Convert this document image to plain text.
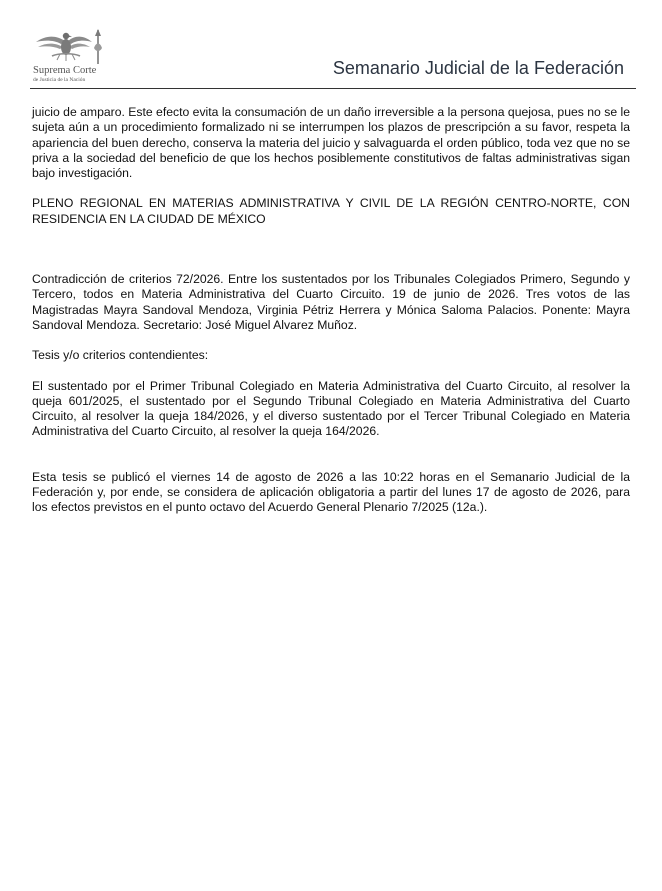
Suprema Corte
de Justicia de la Nación
Semanario Judicial de la Federación

juicio de amparo. Este efecto evita la consumación de un daño irreversible a la persona quejosa, pues no se le sujeta aún a un procedimiento formalizado ni se interrumpen los plazos de prescripción a su favor, respeta la apariencia del buen derecho, conserva la materia del juicio y salvaguarda el orden público, toda vez que no se priva a la sociedad del beneficio de que los hechos posiblemente constitutivos de faltas administrativas sigan bajo investigación.

PLENO REGIONAL EN MATERIAS ADMINISTRATIVA Y CIVIL DE LA REGIÓN CENTRO-NORTE, CON RESIDENCIA EN LA CIUDAD DE MÉXICO

Contradicción de criterios 72/2026. Entre los sustentados por los Tribunales Colegiados Primero, Segundo y Tercero, todos en Materia Administrativa del Cuarto Circuito. 19 de junio de 2026. Tres votos de las Magistradas Mayra Sandoval Mendoza, Virginia Pétriz Herrera y Mónica Saloma Palacios. Ponente: Mayra Sandoval Mendoza. Secretario: José Miguel Alvarez Muñoz.

Tesis y/o criterios contendientes:

El sustentado por el Primer Tribunal Colegiado en Materia Administrativa del Cuarto Circuito, al resolver la queja 601/2025, el sustentado por el Segundo Tribunal Colegiado en Materia Administrativa del Cuarto Circuito, al resolver la queja 184/2026, y el diverso sustentado por el Tercer Tribunal Colegiado en Materia Administrativa del Cuarto Circuito, al resolver la queja 164/2026.

Esta tesis se publicó el viernes 14 de agosto de 2026 a las 10:22 horas en el Semanario Judicial de la Federación y, por ende, se considera de aplicación obligatoria a partir del lunes 17 de agosto de 2026, para los efectos previstos en el punto octavo del Acuerdo General Plenario 7/2025 (12a.).
